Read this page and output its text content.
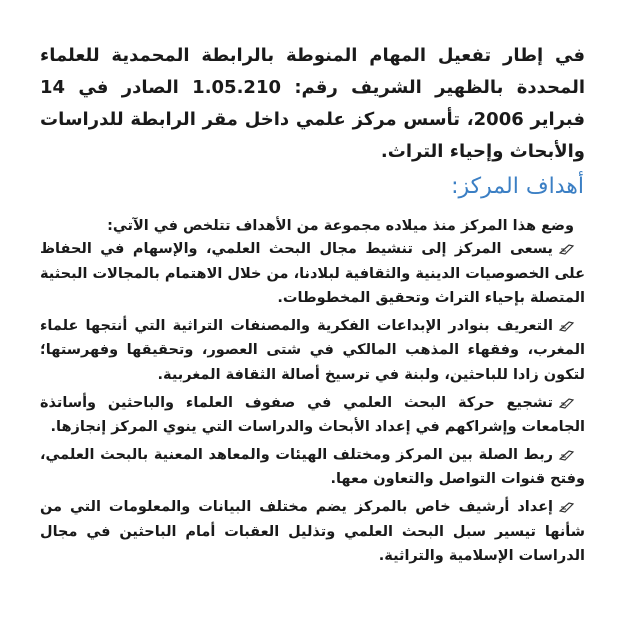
في إطار تفعيل المهام المنوطة بالرابطة المحمدية للعلماء المحددة بالظهير الشريف رقم: 1.05.210 الصادر في 14 فبراير 2006، تأسس مركز علمي داخل مقر الرابطة للدراسات والأبحاث وإحياء التراث.

أهداف المركز:

وضع هذا المركز منذ ميلاده مجموعة من الأهداف تتلخص في الآتي:

يسعى المركز إلى تنشيط مجال البحث العلمي، والإسهام في الحفاظ على الخصوصيات الدينية والثقافية لبلادنا، من خلال الاهتمام بالمجالات البحثية المتصلة بإحياء التراث وتحقيق المخطوطات.
التعريف بنوادر الإبداعات الفكرية والمصنفات التراثية التي أنتجها علماء المغرب، وفقهاء المذهب المالكي في شتى العصور، وتحقيقها وفهرستها؛ لتكون زادا للباحثين، ولبنة في ترسيخ أصالة الثقافة المغربية.
تشجيع حركة البحث العلمي في صفوف العلماء والباحثين وأساتذة الجامعات وإشراكهم في إعداد الأبحاث والدراسات التي ينوي المركز إنجازها.
ربط الصلة بين المركز ومختلف الهيئات والمعاهد المعنية بالبحث العلمي، وفتح قنوات التواصل والتعاون معها.
إعداد أرشيف خاص بالمركز يضم مختلف البيانات والمعلومات التي من شأنها تيسير سبل البحث العلمي وتذليل العقبات أمام الباحثين في مجال الدراسات الإسلامية والتراثية.
